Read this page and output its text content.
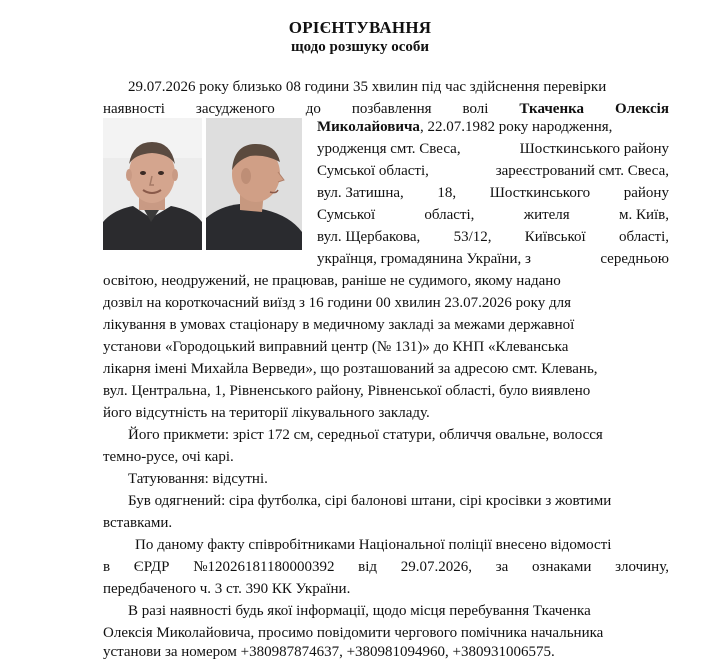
ОРІЄНТУВАННЯ
щодо розшуку особи
29.07.2026 року близько 08 години 35 хвилин під час здійснення перевірки
наявності засудженого до позбавлення волі Ткаченка Олексія
Миколайовича, 22.07.1982 року народження,
уродженця смт. Свеса,	Шосткинського району
Сумської області,	зареєстрований смт. Свеса,
вул. Затишна, 18, Шосткинського району
Сумської	області,	жителя	м. Київ,
вул. Щербакова, 53/12, Київської області,
українця, громадянина України, з	середньою
освітою, неодружений, не працював, раніше не судимого, якому надано
дозвіл на короткочасний виїзд з 16 години 00 хвилин 23.07.2026 року для
лікування в умовах стаціонару в медичному закладі за межами державної
установи «Городоцький виправний центр (№ 131)» до КНП «Клеванська
лікарня імені Михайла Верведи», що розташований за адресою смт. Клевань,
вул. Центральна, 1, Рівненського району, Рівненської області, було виявлено
його відсутність на території лікувального закладу.
Його прикмети: зріст 172 см, середньої статури, обличчя овальне, волосся
темно-русе, очі карі.
Татуювання: відсутні.
Був одягнений: сіра футболка, сірі балонові штани, сірі кросівки з жовтими
вставками.
По даному факту співробітниками Національної поліції внесено відомості
в ЄРДР №12026181180000392 від 29.07.2026, за ознаками злочину,
передбаченого ч. 3 ст. 390 КК України.
В разі наявності будь якої інформації, щодо місця перебування Ткаченка
Олексія Миколайовича, просимо повідомити чергового помічника начальника
установи за номером +380987874637, +380981094960, +380931006575.
